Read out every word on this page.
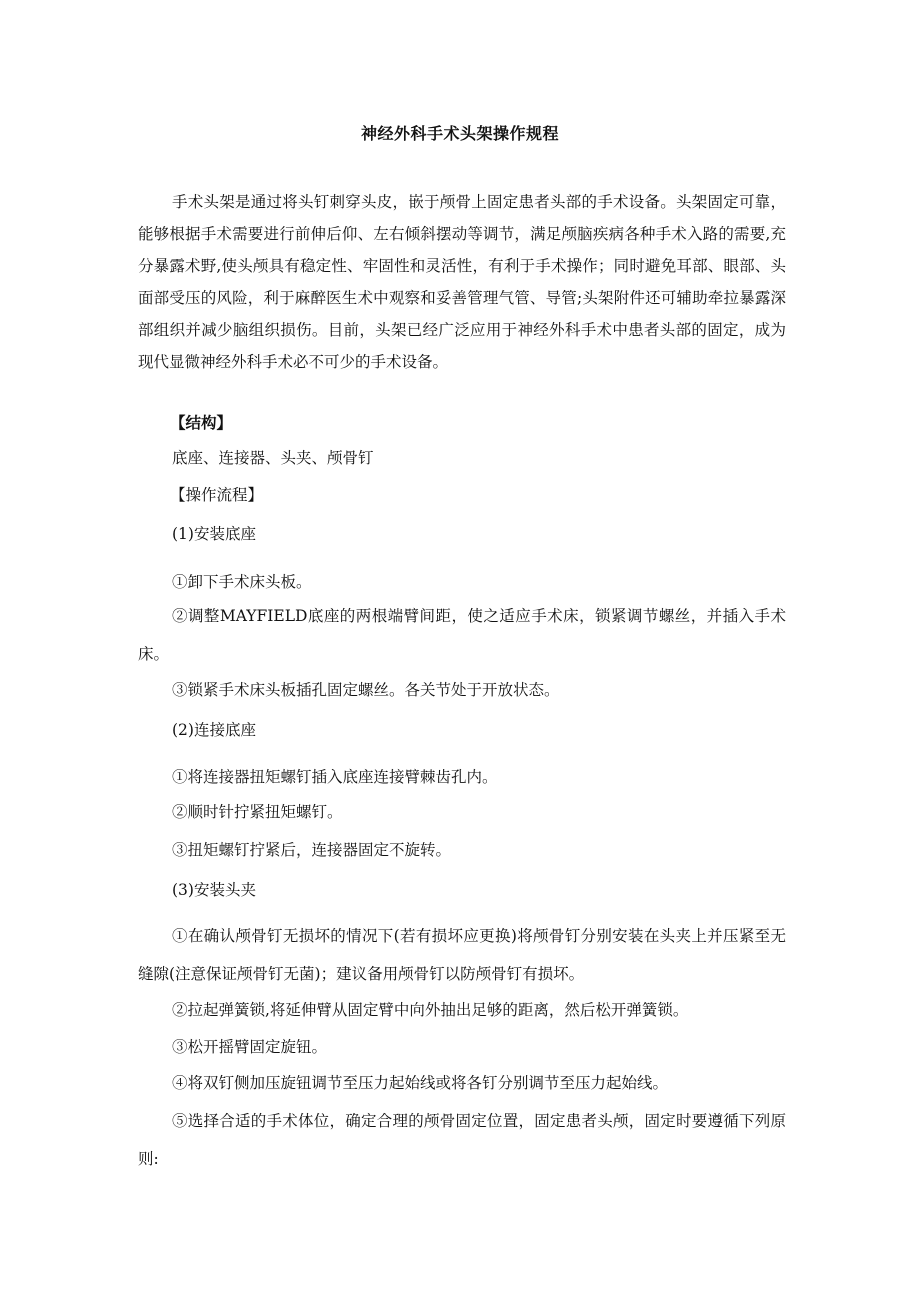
神经外科手术头架操作规程

手术头架是通过将头钉刺穿头皮，嵌于颅骨上固定患者头部的手术设备。头架固定可靠，能够根据手术需要进行前伸后仰、左右倾斜摆动等调节，满足颅脑疾病各种手术入路的需要,充分暴露术野,使头颅具有稳定性、牢固性和灵活性，有利于手术操作；同时避免耳部、眼部、头面部受压的风险，利于麻醉医生术中观察和妥善管理气管、导管;头架附件还可辅助牵拉暴露深部组织并减少脑组织损伤。目前，头架已经广泛应用于神经外科手术中患者头部的固定，成为现代显微神经外科手术必不可少的手术设备。

【结构】

底座、连接器、头夹、颅骨钉

【操作流程】

(1)安装底座

①卸下手术床头板。

②调整MAYFIELD底座的两根端臂间距，使之适应手术床，锁紧调节螺丝，并插入手术床。

③锁紧手术床头板插孔固定螺丝。各关节处于开放状态。

(2)连接底座

①将连接器扭矩螺钉插入底座连接臂棘齿孔内。

②顺时针拧紧扭矩螺钉。

③扭矩螺钉拧紧后，连接器固定不旋转。

(3)安装头夹

①在确认颅骨钉无损坏的情况下(若有损坏应更换)将颅骨钉分别安装在头夹上并压紧至无缝隙(注意保证颅骨钉无菌)；建议备用颅骨钉以防颅骨钉有损坏。

②拉起弹簧锁,将延伸臂从固定臂中向外抽出足够的距离，然后松开弹簧锁。

③松开摇臂固定旋钮。

④将双钉侧加压旋钮调节至压力起始线或将各钉分别调节至压力起始线。

⑤选择合适的手术体位，确定合理的颅骨固定位置，固定患者头颅，固定时要遵循下列原则:
